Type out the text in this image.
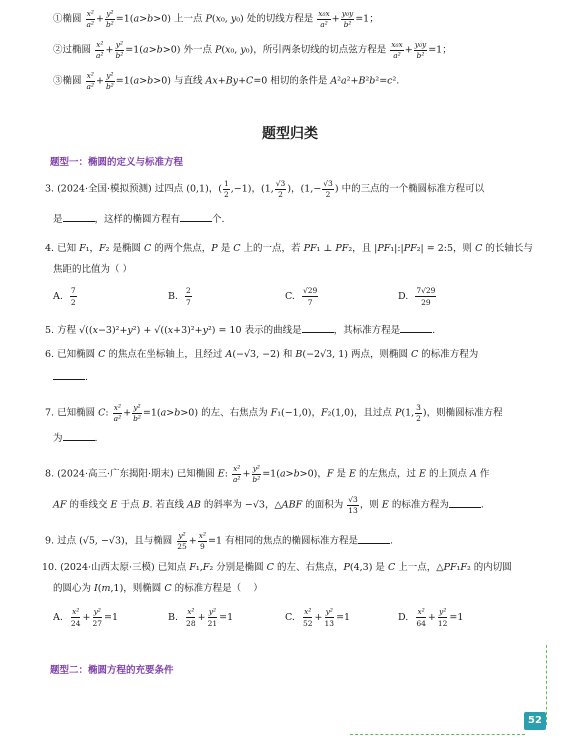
①椭圆 $\frac{\text{x²}}{\text{a²}} + \frac{\text{y²}}{\text{b²}} =1(a>b>0)$ 上一点 P(x₀, y₀) 处的切线方程是 $\frac{\text{x₀x}}{\text{a²}} + \frac{\text{y₀y}}{\text{b²}} =1$；
②过椭圆 $\frac{\text{x²}}{\text{a²}} + \frac{\text{y²}}{\text{b²}} =1(a>b>0)$ 外一点 P(x₀, y₀)，所引两条切线的切点弦方程是 $\frac{\text{x₀x}}{\text{a²}} + \frac{\text{y₀y}}{\text{b²}} =1$；
③椭圆 $\frac{\text{x²}}{\text{a²}} + \frac{\text{y²}}{\text{b²}} =1(a>b>0)$ 与直线 Ax+By+C=0 相切的条件是 A²a²+B²b²=c².
题型归类
题型一：椭圆的定义与标准方程
3. (2024·全国·模拟预测) 过四点 (0,1)，( $\frac{1}{2} ,-1$)，(1, $\frac{√3}{2}$ )，($1,- \frac{√3}{2}$ ) 中的三点的一个椭圆标准方程可以
是	，这样的椭圆方程有	个.
4. 已知 F₁，F₂ 是椭圆 C 的两个焦点，P 是 C 上的一点，若 PF₁ ⊥ PF₂，且 |PF₁|:|PF₂| = 2:5，则 C 的长轴长与
焦距的比值为（ ）
A. $\frac{7}{2}$	B. $\frac{2}{7}$	C. $\frac{√29}{7}$	D. $\frac{7√29}{29}$
5. 方程 √((x−3)²+y²) + √((x+3)²+y²) = 10 表示的曲线是	，其标准方程是	.
6. 已知椭圆 C 的焦点在坐标轴上，且经过 A(−√3, −2) 和 B(−2√3, 1) 两点，则椭圆 C 的标准方程为
.
7. 已知椭圆 C: $\frac{\text{x²}}{\text{a²}} + \frac{\text{y²}}{\text{b²}} =1(a>b>0)$ 的左、右焦点为 F₁(−1,0)，F₂(1,0)，且过点 P(1, $\frac{3}{2}$ )，则椭圆标准方程
为	.
8. (2024·高三·广东揭阳·期末) 已知椭圆 E: $\frac{\text{x²}}{\text{a²}} + \frac{\text{y²}}{\text{b²}} =1(a>b>0)$，F 是 E 的左焦点，过 E 的上顶点 A 作
AF 的垂线交 E 于点 B. 若直线 AB 的斜率为 −√3，△ABF 的面积为 $\frac{√3}{13}$ ，则 E 的标准方程为	.
9. 过点 (√5, −√3)，且与椭圆 $\frac{\text{y²}}{25} + \frac{\text{x²}}{9} =1$ 有相同的焦点的椭圆标准方程是	.
10. (2024·山西太原·三模) 已知点 F₁,F₂ 分别是椭圆 C 的左、右焦点，P(4,3) 是 C 上一点，△PF₁F₂ 的内切圆
的圆心为 I(m,1)，则椭圆 C 的标准方程是（    ）
A. $\frac{\text{x²}}{24} + \frac{\text{y²}}{27} =1$	B. $\frac{\text{x²}}{28} + \frac{\text{y²}}{21} =1$	C. $\frac{\text{x²}}{52} + \frac{\text{y²}}{13} =1$	D. $\frac{\text{x²}}{64} + \frac{\text{y²}}{12} =1$
题型二：椭圆方程的充要条件
52
